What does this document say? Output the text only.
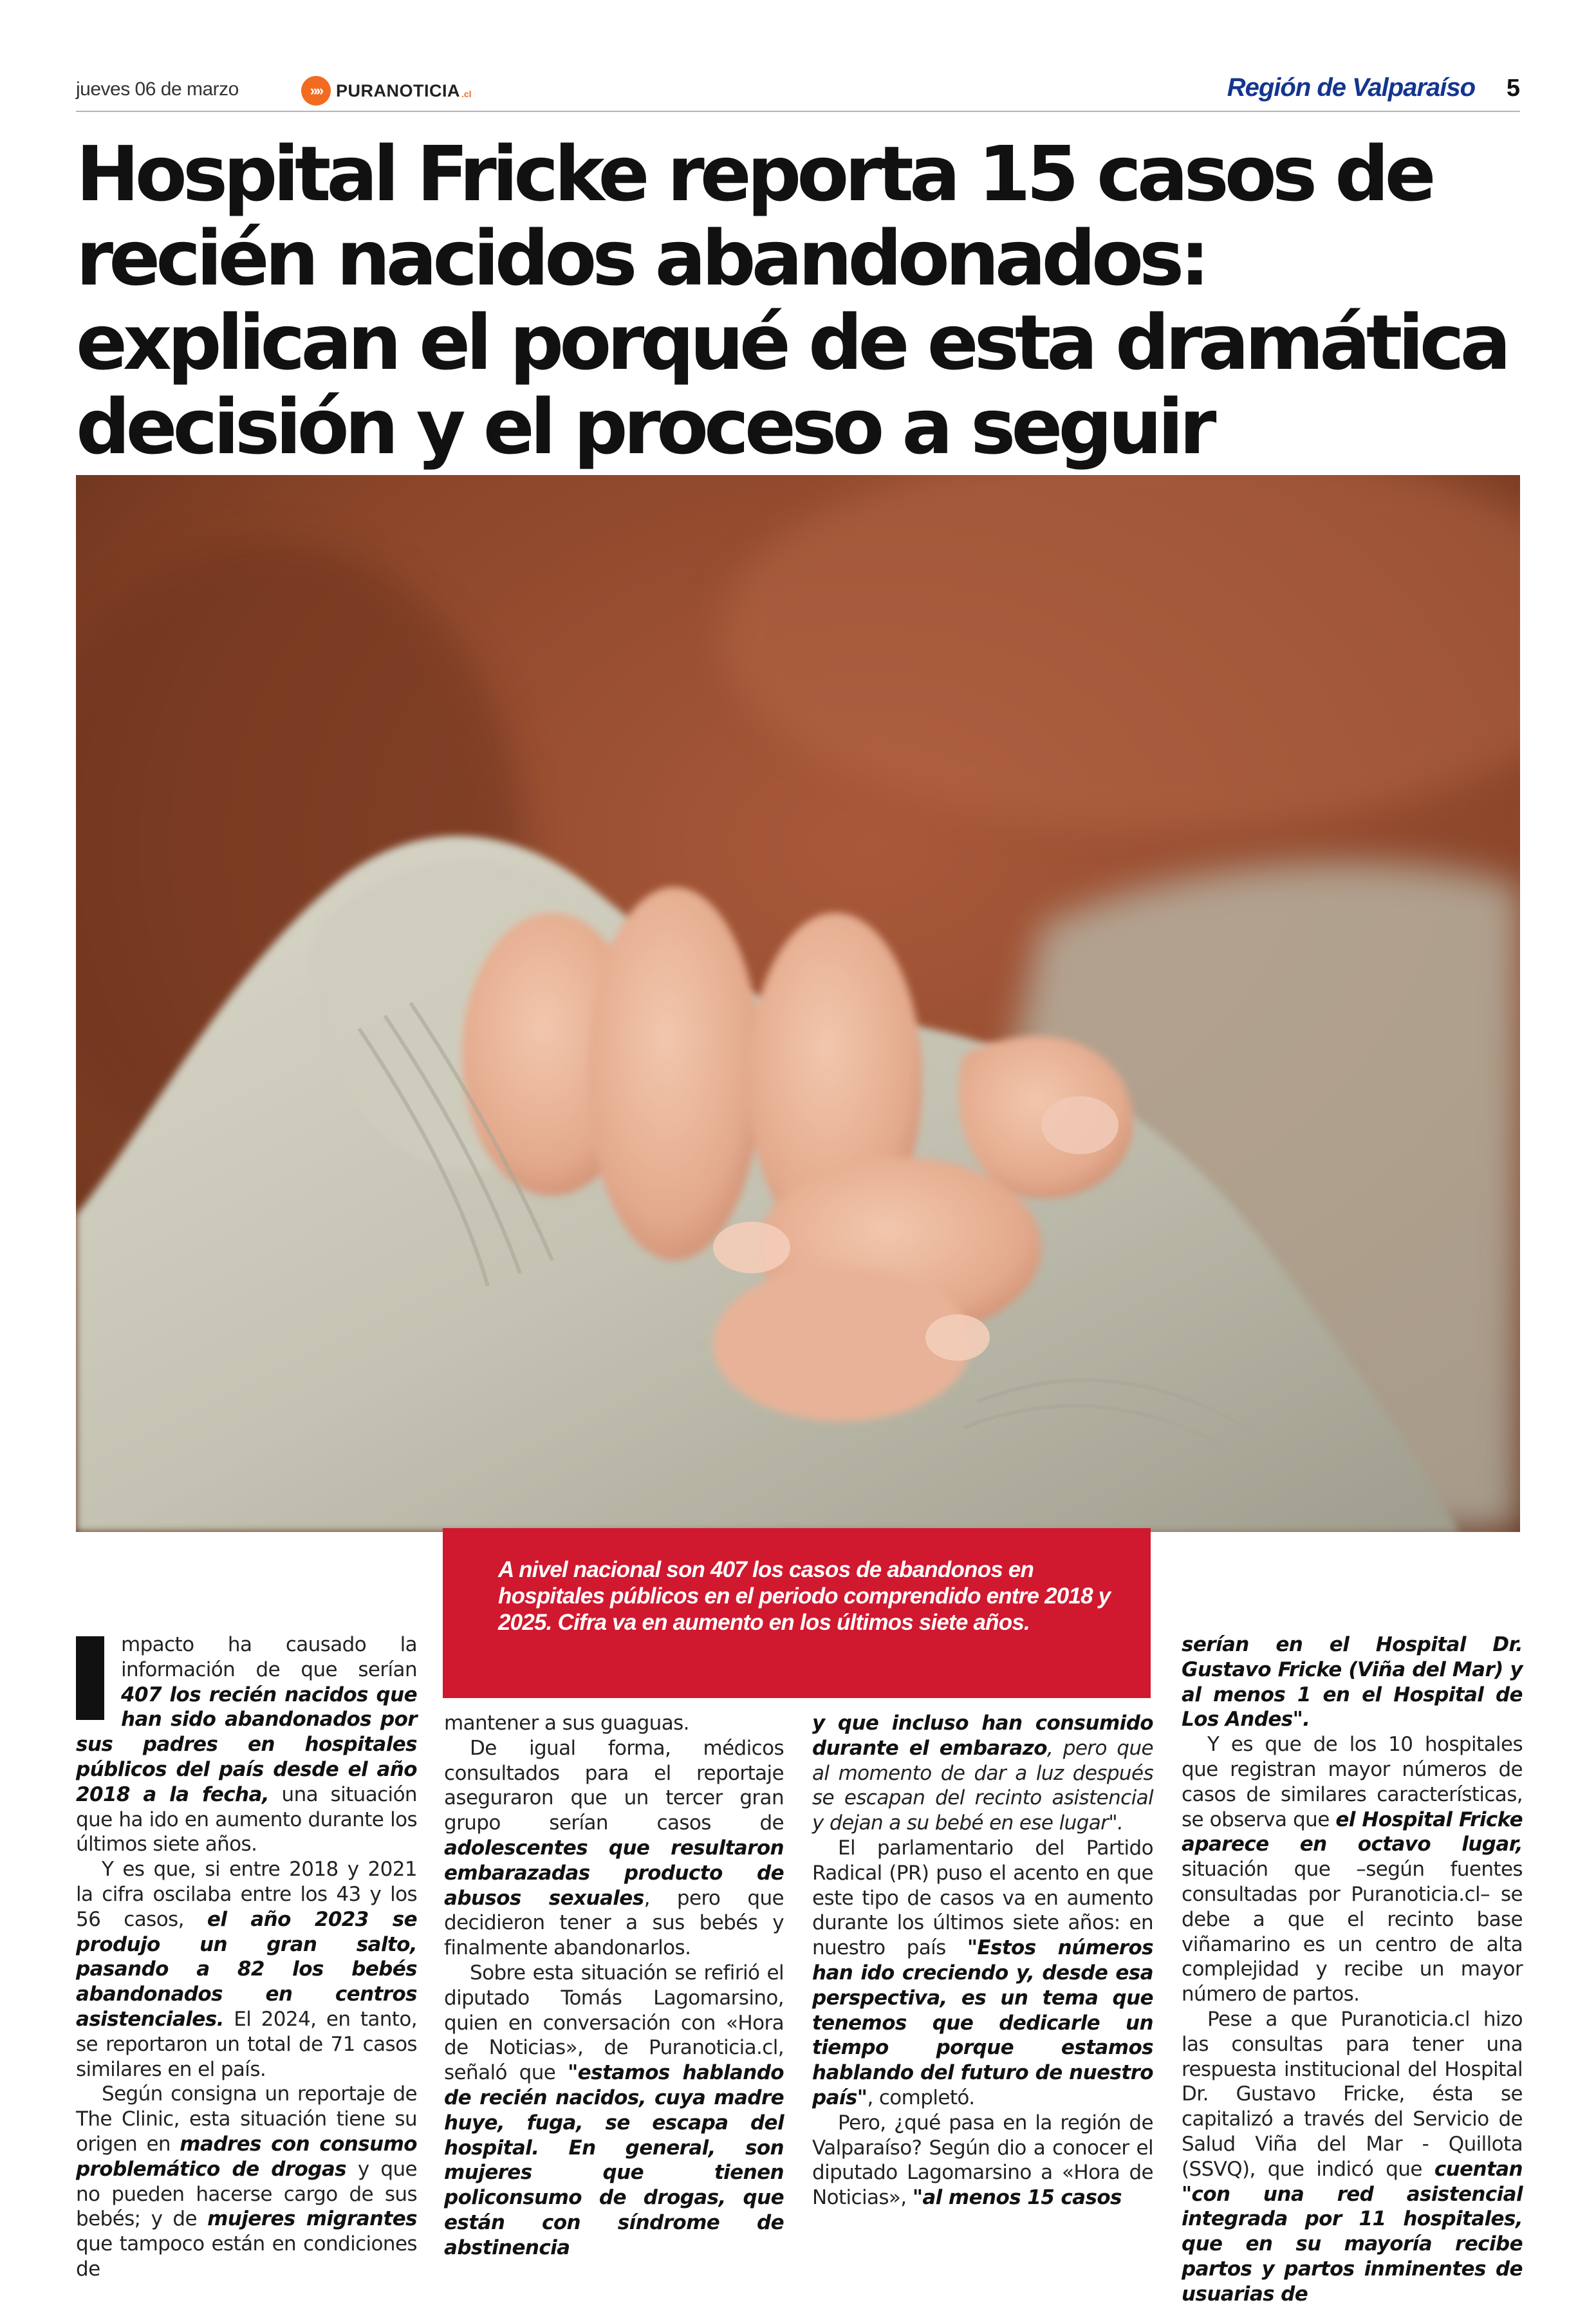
jueves 06 de marzo	»» PURANOTICIA .cl	Región de Valparaíso 5
Hospital Fricke reporta 15 casos de recién nacidos abandonados: explican el porqué de esta dramática decisión y el proceso a seguir

A nivel nacional son 407 los casos de abandonos en hospitales públicos en el periodo comprendido entre 2018 y 2025. Cifra va en aumento en los últimos siete años.

mpacto ha causado la información de que serían 407 los recién nacidos que han sido abandonados por sus padres en hospitales públicos del país desde el año 2018 a la fecha, una situación que ha ido en aumento durante los últimos siete años.

Y es que, si entre 2018 y 2021 la cifra oscilaba entre los 43 y los 56 casos, el año 2023 se produjo un gran salto, pasando a 82 los bebés abandonados en centros asistenciales. El 2024, en tanto, se reportaron un total de 71 casos similares en el país.

Según consigna un reportaje de The Clinic, esta situación tiene su origen en madres con consumo problemático de drogas y que no pueden hacerse cargo de sus bebés; y de mujeres migrantes que tampoco están en condiciones de

mantener a sus guaguas.

De igual forma, médicos consultados para el reportaje aseguraron que un tercer gran grupo serían casos de adolescentes que resultaron embarazadas producto de abusos sexuales, pero que decidieron tener a sus bebés y finalmente abandonarlos.

Sobre esta situación se refirió el diputado Tomás Lagomarsino, quien en conversación con «Hora de Noticias», de Puranoticia.cl, señaló que "estamos hablando de recién nacidos, cuya madre huye, fuga, se escapa del hospital. En general, son mujeres que tienen policonsumo de drogas, que están con síndrome de abstinencia

y que incluso han consumido durante el embarazo, pero que al momento de dar a luz después se escapan del recinto asistencial y dejan a su bebé en ese lugar".

El parlamentario del Partido Radical (PR) puso el acento en que este tipo de casos va en aumento durante los últimos siete años: en nuestro país "Estos números han ido creciendo y, desde esa perspectiva, es un tema que tenemos que dedicarle un tiempo porque estamos hablando del futuro de nuestro país", completó.

Pero, ¿qué pasa en la región de Valparaíso? Según dio a conocer el diputado Lagomarsino a «Hora de Noticias», "al menos 15 casos

serían en el Hospital Dr. Gustavo Fricke (Viña del Mar) y al menos 1 en el Hospital de Los Andes".

Y es que de los 10 hospitales que registran mayor números de casos de similares características, se observa que el Hospital Fricke aparece en octavo lugar, situación que –según fuentes consultadas por Puranoticia.cl– se debe a que el recinto base viñamarino es un centro de alta complejidad y recibe un mayor número de partos.

Pese a que Puranoticia.cl hizo las consultas para tener una respuesta institucional del Hospital Dr. Gustavo Fricke, ésta se capitalizó a través del Servicio de Salud Viña del Mar - Quillota (SSVQ), que indicó que cuentan "con una red asistencial integrada por 11 hospitales, que en su mayoría recibe partos y partos inminentes de usuarias de
